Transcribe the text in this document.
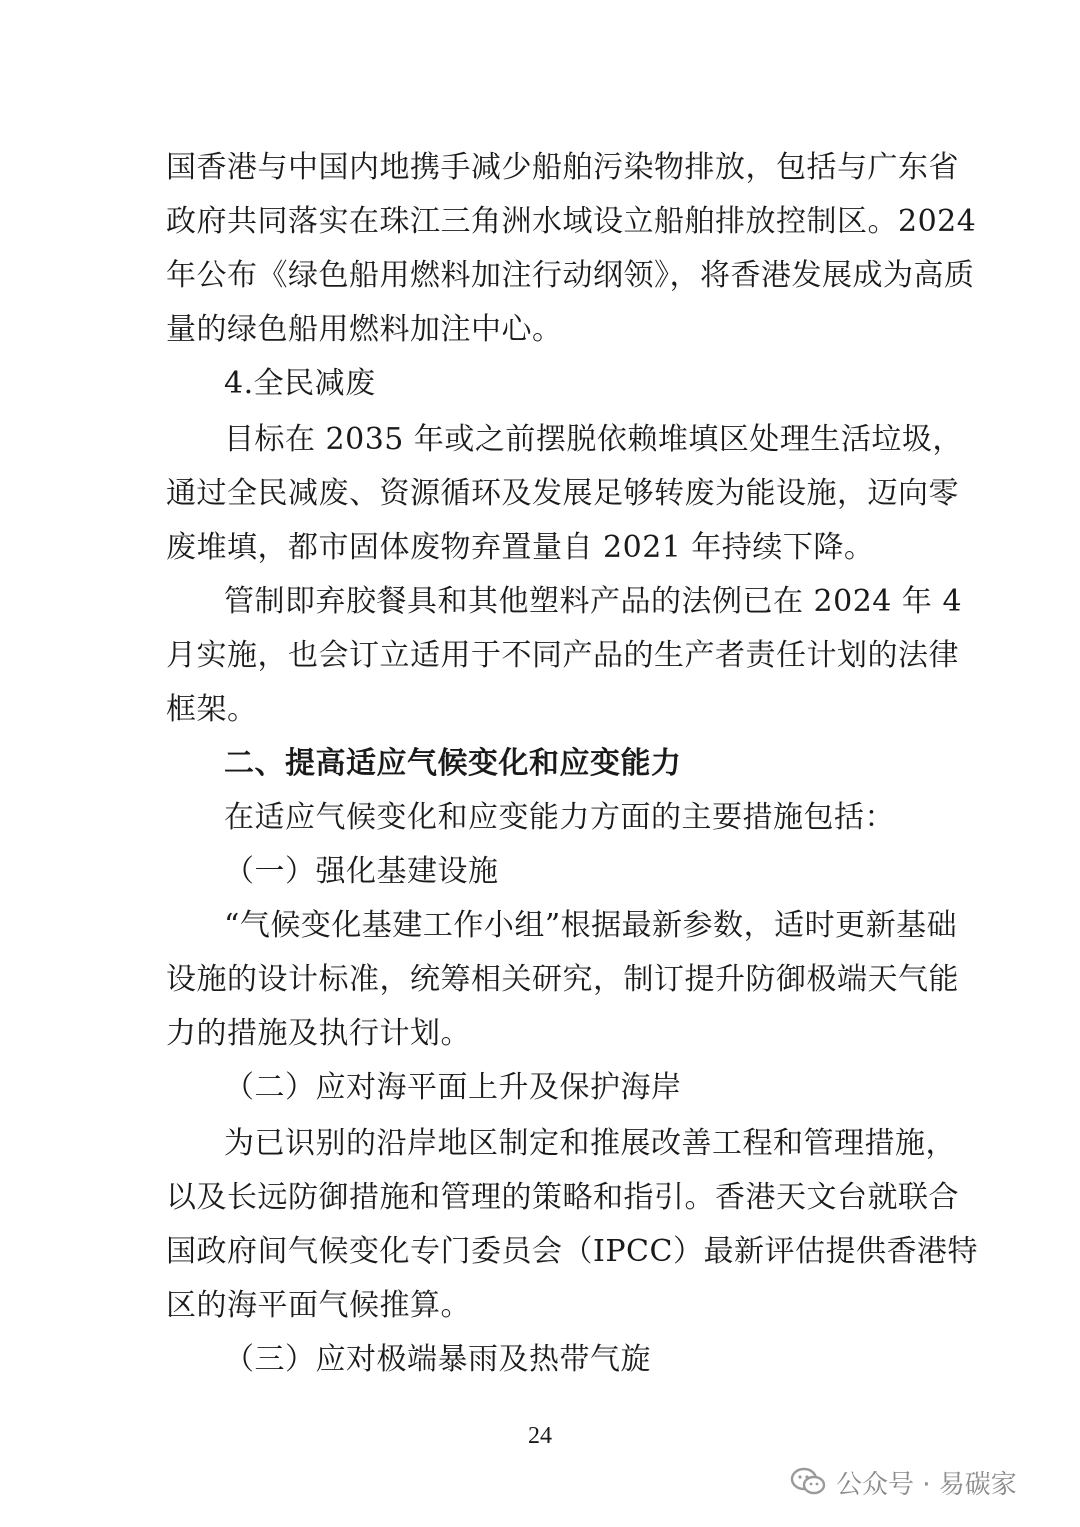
国香港与中国内地携手减少船舶污染物排放，包括与广东省
政府共同落实在珠江三角洲水域设立船舶排放控制区。2024
年公布《绿色船用燃料加注行动纲领》，将香港发展成为高质
量的绿色船用燃料加注中心。
4.全民减废
目标在 2035 年或之前摆脱依赖堆填区处理生活垃圾，
通过全民减废、资源循环及发展足够转废为能设施，迈向零
废堆填，都市固体废物弃置量自 2021 年持续下降。
管制即弃胶餐具和其他塑料产品的法例已在 2024 年 4
月实施，也会订立适用于不同产品的生产者责任计划的法律
框架。
二、提高适应气候变化和应变能力
在适应气候变化和应变能力方面的主要措施包括：
（一）强化基建设施
“气候变化基建工作小组”根据最新参数，适时更新基础
设施的设计标准，统筹相关研究，制订提升防御极端天气能
力的措施及执行计划。
（二）应对海平面上升及保护海岸
为已识别的沿岸地区制定和推展改善工程和管理措施，
以及长远防御措施和管理的策略和指引。香港天文台就联合
国政府间气候变化专门委员会（IPCC）最新评估提供香港特
区的海平面气候推算。
（三）应对极端暴雨及热带气旋
24
公众号 · 易碳家
